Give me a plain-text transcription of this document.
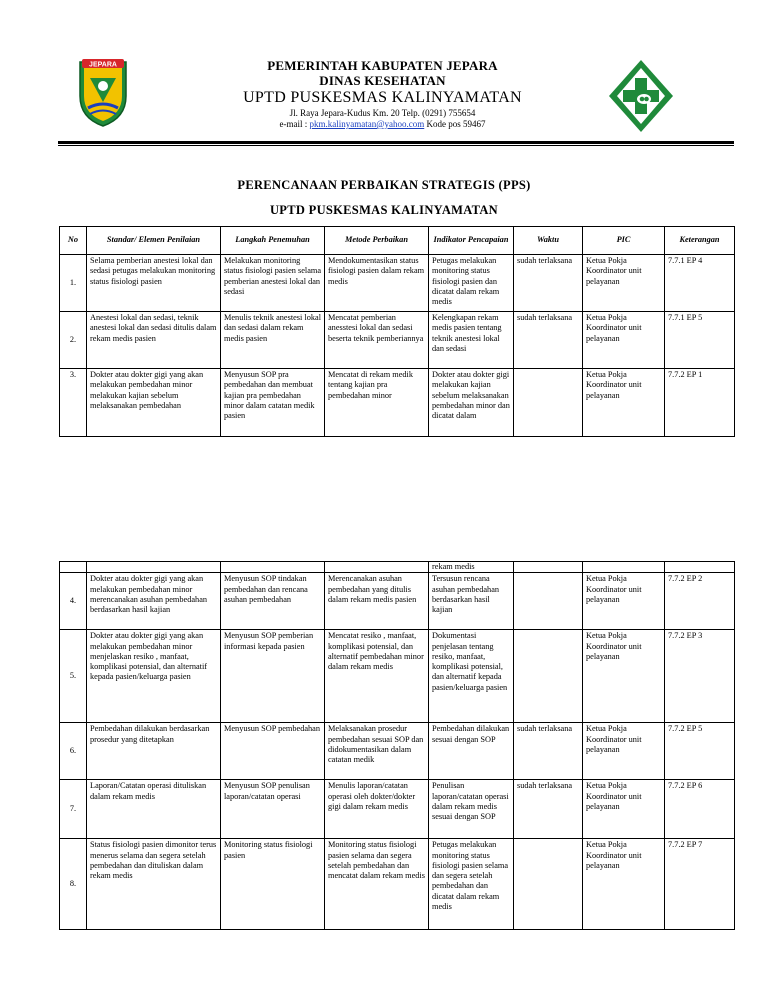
JEPARA	PEMERINTAH KABUPATEN JEPARA
DINAS KESEHATAN
UPTD PUSKESMAS KALINYAMATAN
Jl. Raya Jepara-Kudus Km. 20 Telp. (0291) 755654
e-mail : pkm.kalinyamatan@yahoo.com Kode pos 59467
PERENCANAAN PERBAIKAN STRATEGIS (PPS)
UPTD PUSKESMAS KALINYAMATAN
No	Standar/ Elemen Penilaian	Langkah Penemuhan	Metode Perbaikan	Indikator Pencapaian	Waktu	PIC	Keterangan
1.	Selama pemberian anestesi lokal dan sedasi petugas melakukan monitoring status fisiologi pasien	Melakukan monitoring status fisiologi pasien selama pemberian anestesi lokal dan sedasi	Mendokumentasikan status fisiologi pasien dalam rekam medis	Petugas melakukan monitoring status fisiologi pasien dan dicatat dalam rekam medis	sudah terlaksana	Ketua Pokja Koordinator unit pelayanan	7.7.1 EP 4
2.	Anestesi lokal dan sedasi, teknik anestesi lokal dan sedasi ditulis dalam rekam medis pasien	Menulis teknik anestesi lokal dan sedasi dalam rekam medis pasien	Mencatat pemberian anesstesi lokal dan sedasi beserta teknik pemberiannya	Kelengkapan rekam medis pasien tentang teknik anestesi lokal dan sedasi	sudah terlaksana	Ketua Pokja Koordinator unit pelayanan	7.7.1 EP 5
3.	Dokter atau dokter gigi yang akan melakukan pembedahan minor melakukan kajian sebelum melaksanakan pembedahan	Menyusun SOP pra pembedahan dan membuat kajian pra pembedahan minor dalam catatan medik pasien	Mencatat di rekam medik tentang kajian pra pembedahan minor	Dokter atau dokter gigi melakukan kajian sebelum melaksanakan pembedahan minor dan dicatat dalam		Ketua Pokja Koordinator unit pelayanan	7.7.2 EP 1
				rekam medis			
4.	Dokter atau dokter gigi yang akan melakukan pembedahan minor merencanakan asuhan pembedahan berdasarkan hasil kajian	Menyusun SOP tindakan pembedahan dan rencana asuhan pembedahan	Merencanakan asuhan pembedahan yang ditulis dalam rekam medis pasien	Tersusun rencana asuhan pembedahan berdasarkan hasil kajian		Ketua Pokja Koordinator unit pelayanan	7.7.2 EP 2
5.	Dokter atau dokter gigi yang akan melakukan pembedahan minor menjelaskan resiko , manfaat, komplikasi potensial, dan alternatif kepada pasien/keluarga pasien	Menyusun SOP pemberian informasi kepada pasien	Mencatat resiko , manfaat, komplikasi potensial, dan alternatif pembedahan minor dalam rekam medis	Dokumentasi penjelasan tentang resiko, manfaat, komplikasi potensial, dan alternatif kepada pasien/keluarga pasien		Ketua Pokja Koordinator unit pelayanan	7.7.2 EP 3
6.	Pembedahan dilakukan berdasarkan prosedur yang ditetapkan	Menyusun SOP pembedahan	Melaksanakan prosedur pembedahan sesuai SOP dan didokumentasikan dalam catatan medik	Pembedahan dilakukan sesuai dengan SOP	sudah terlaksana	Ketua Pokja Koordinator unit pelayanan	7.7.2 EP 5
7.	Laporan/Catatan operasi dituliskan dalam rekam medis	Menyusun SOP penulisan laporan/catatan operasi	Menulis laporan/catatan operasi oleh dokter/dokter gigi dalam rekam medis	Penulisan laporan/catatan operasi dalam rekam medis sesuai dengan SOP	sudah terlaksana	Ketua Pokja Koordinator unit pelayanan	7.7.2 EP 6
8.	Status fisiologi pasien dimonitor terus menerus selama dan segera setelah pembedahan dan dituliskan dalam rekam medis	Monitoring status fisiologi pasien	Monitoring status fisiologi pasien selama dan segera setelah pembedahan dan mencatat dalam rekam medis	Petugas melakukan monitoring status fisiologi pasien selama dan segera setelah pembedahan dan dicatat dalam rekam medis		Ketua Pokja Koordinator unit pelayanan	7.7.2 EP 7
